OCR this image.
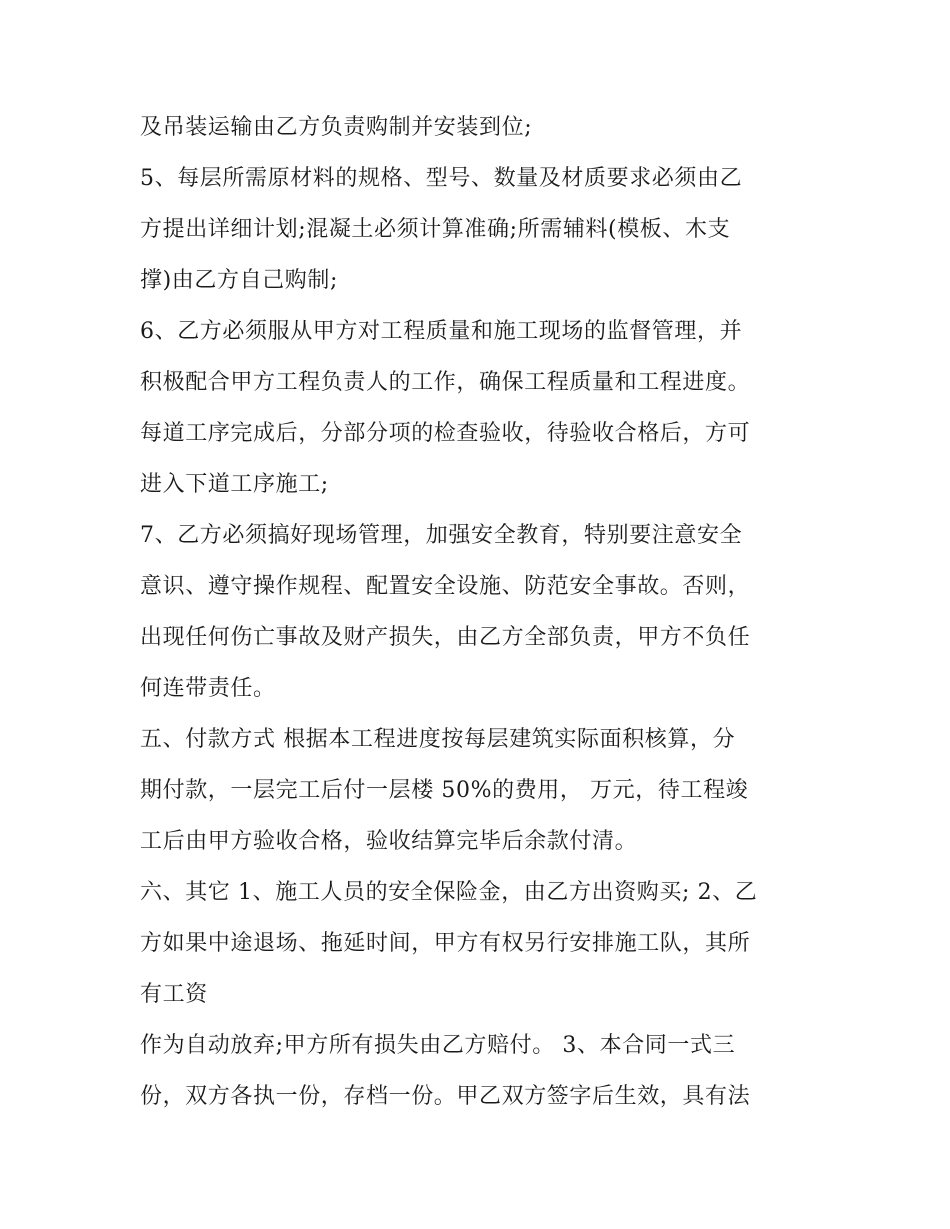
及吊装运输由乙方负责购制并安装到位;
5、每层所需原材料的规格、型号、数量及材质要求必须由乙
方提出详细计划;混凝土必须计算准确;所需辅料(模板、木支
撑)由乙方自己购制;
6、乙方必须服从甲方对工程质量和施工现场的监督管理，并
积极配合甲方工程负责人的工作，确保工程质量和工程进度。
每道工序完成后，分部分项的检查验收，待验收合格后，方可
进入下道工序施工;
7、乙方必须搞好现场管理，加强安全教育，特别要注意安全
意识、遵守操作规程、配置安全设施、防范安全事故。否则，
出现任何伤亡事故及财产损失，由乙方全部负责，甲方不负任
何连带责任。
五、付款方式 根据本工程进度按每层建筑实际面积核算，分
期付款，一层完工后付一层楼 50%的费用， 万元，待工程竣
工后由甲方验收合格，验收结算完毕后余款付清。
六、其它 1、施工人员的安全保险金，由乙方出资购买; 2、乙
方如果中途退场、拖延时间，甲方有权另行安排施工队，其所
有工资
作为自动放弃;甲方所有损失由乙方赔付。 3、本合同一式三
份，双方各执一份，存档一份。甲乙双方签字后生效，具有法
